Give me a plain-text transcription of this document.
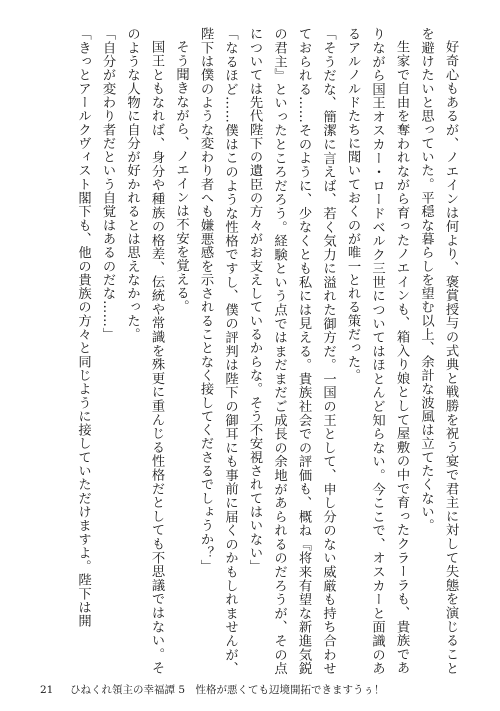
好奇心もあるが、ノエインは何より、褒賞授与の式典と戦勝を祝う宴で君主に対して失態を演じることを避けたいと思っていた。平穏な暮らしを望む以上、余計な波風は立てたくない。

生家で自由を奪われながら育ったノエインも、箱入り娘として屋敷の中で育ったクラーラも、貴族でありながら国王オスカー・ロードベルク三世についてはほとんど知らない。今ここで、オスカーと面識のあるアルノルドたちに聞いておくのが唯一とれる策だった。

「そうだな、簡潔に言えば、若く気力に溢れた御方だ。一国の王として、申し分のない威厳も持ち合わせておられる……そのように、少なくとも私には見える。貴族社会での評価も、概ね『将来有望な新進気鋭の君主』といったところだろう。経験という点ではまだまだご成長の余地があられるのだろうが、その点については先代陛下の遺臣の方々がお支えしているからな。そう不安視されてはいない」

「なるほど……僕はこのような性格ですし、僕の評判は陛下の御耳にも事前に届くのかもしれませんが、陛下は僕のような変わり者へも嫌悪感を示されることなく接してくださるでしょうか？」

そう聞きながら、ノエインは不安を覚える。

国王ともなれば、身分や種族の格差、伝統や常識を殊更に重んじる性格だとしても不思議ではない。そのような人物に自分が好かれるとは思えなかった。

「自分が変わり者だという自覚はあるのだな……」

「きっとアールクヴィスト閣下も、他の貴族の方々と同じように接していただけますよ。陛下は開

21 ひねくれ領主の幸福譚 5　性格が悪くても辺境開拓できますうぅ！
